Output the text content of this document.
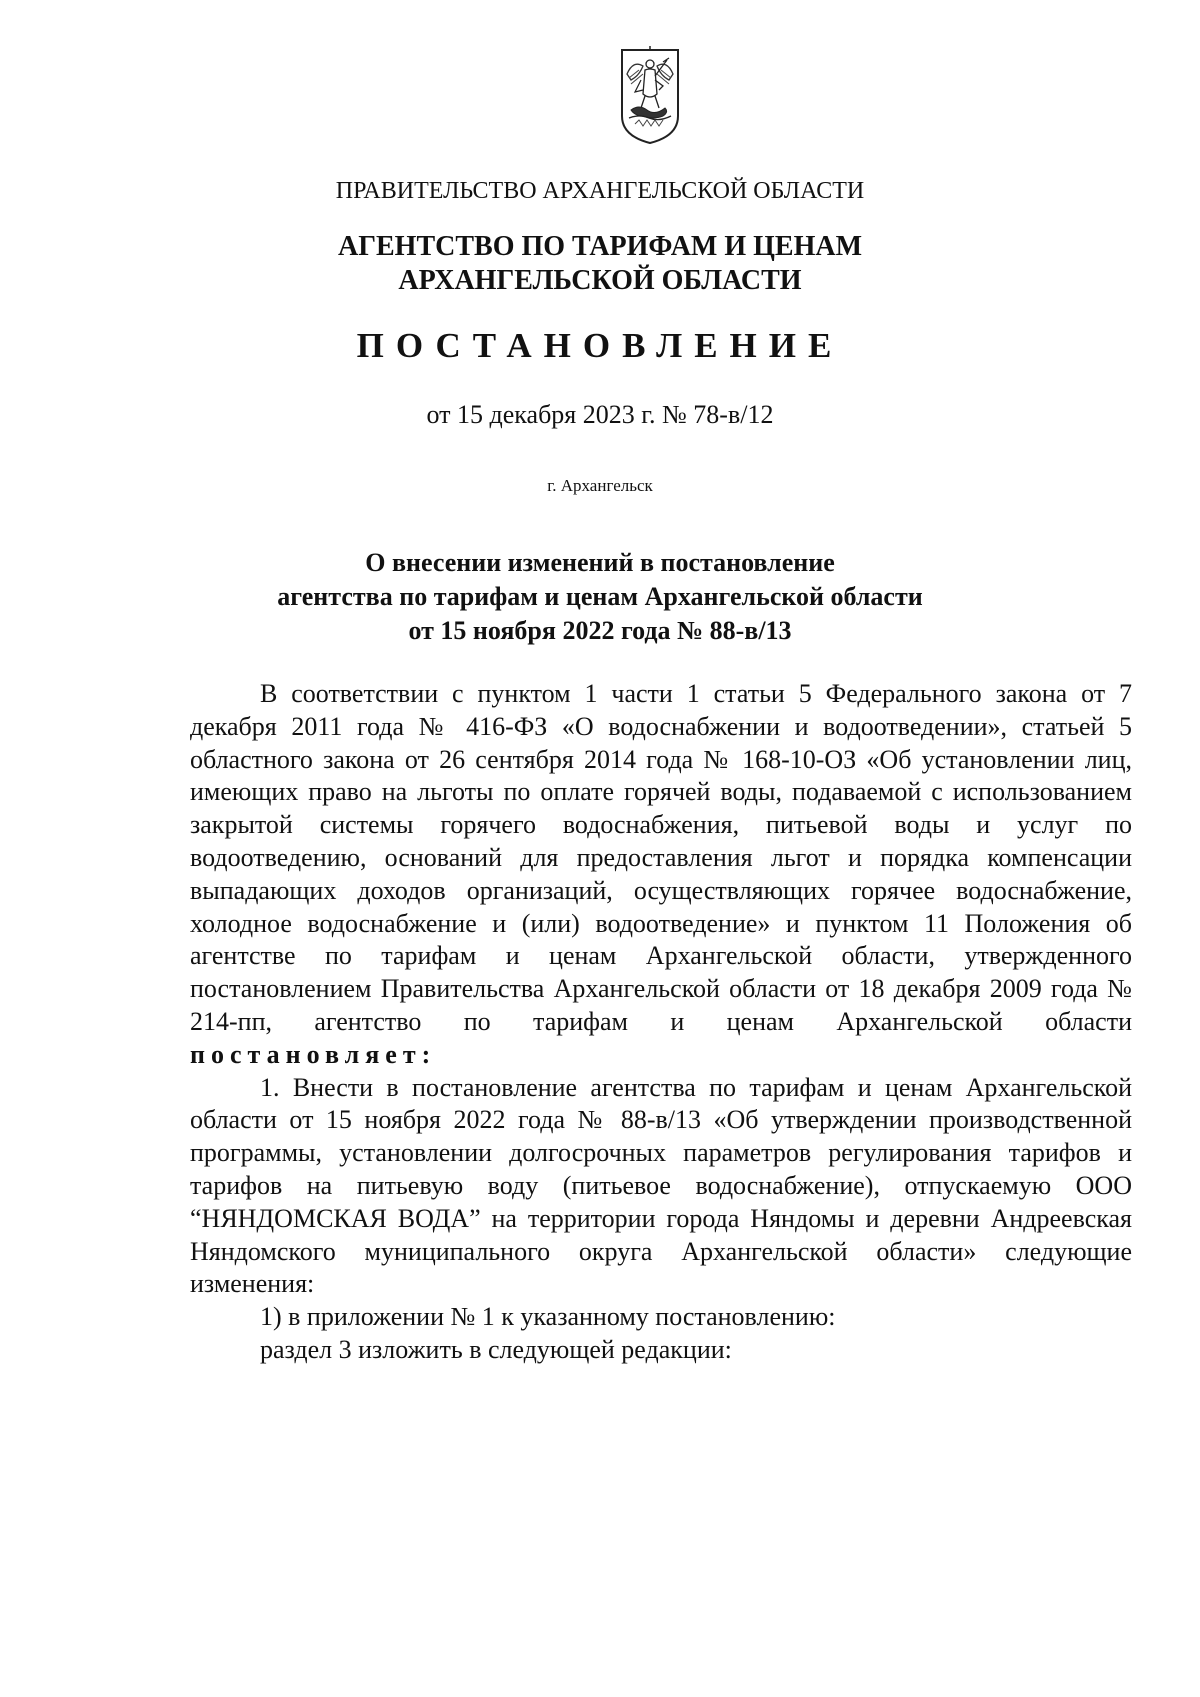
ПРАВИТЕЛЬСТВО АРХАНГЕЛЬСКОЙ ОБЛАСТИ

АГЕНТСТВО ПО ТАРИФАМ И ЦЕНАМ
АРХАНГЕЛЬСКОЙ ОБЛАСТИ

ПОСТАНОВЛЕНИЕ

от 15 декабря 2023 г. № 78-в/12

г. Архангельск

О внесении изменений в постановление
агентства по тарифам и ценам Архангельской области
от 15 ноября 2022 года № 88-в/13

В соответствии с пунктом 1 части 1 статьи 5 Федерального закона от 7 декабря 2011 года № 416-ФЗ «О водоснабжении и водоотведении», статьей 5 областного закона от 26 сентября 2014 года № 168-10-ОЗ «Об установлении лиц, имеющих право на льготы по оплате горячей воды, подаваемой с использованием закрытой системы горячего водоснабжения, питьевой воды и услуг по водоотведению, оснований для предоставления льгот и порядка компенсации выпадающих доходов организаций, осуществляющих горячее водоснабжение, холодное водоснабжение и (или) водоотведение» и пунктом 11 Положения об агентстве по тарифам и ценам Архангельской области, утвержденного постановлением Правительства Архангельской области от 18 декабря 2009 года № 214-пп, агентство по тарифам и ценам Архангельской области постановляет:

1. Внести в постановление агентства по тарифам и ценам Архангельской области от 15 ноября 2022 года № 88-в/13 «Об утверждении производственной программы, установлении долгосрочных параметров регулирования тарифов и тарифов на питьевую воду (питьевое водоснабжение), отпускаемую ООО “НЯНДОМСКАЯ ВОДА” на территории города Няндомы и деревни Андреевская Няндомского муниципального округа Архангельской области» следующие изменения:

1) в приложении № 1 к указанному постановлению:

раздел 3 изложить в следующей редакции:
